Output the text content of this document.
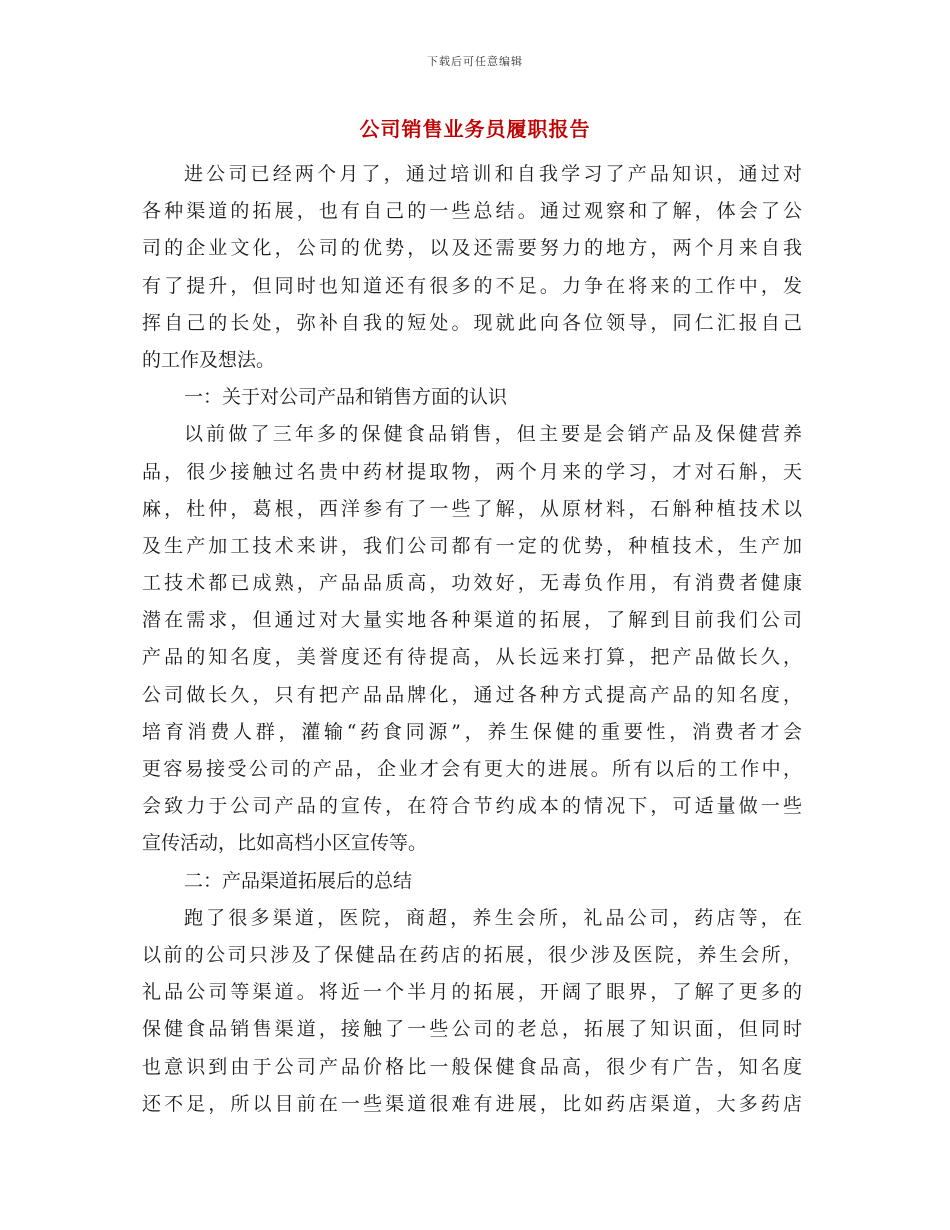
下载后可任意编辑
公司销售业务员履职报告
进公司已经两个月了，通过培训和自我学习了产品知识，通过对
各种渠道的拓展，也有自己的一些总结。通过观察和了解，体会了公
司的企业文化，公司的优势，以及还需要努力的地方，两个月来自我
有了提升，但同时也知道还有很多的不足。力争在将来的工作中，发
挥自己的长处，弥补自我的短处。现就此向各位领导，同仁汇报自己
的工作及想法。
一：关于对公司产品和销售方面的认识
以前做了三年多的保健食品销售，但主要是会销产品及保健营养
品，很少接触过名贵中药材提取物，两个月来的学习，才对石斛，天
麻，杜仲，葛根，西洋参有了一些了解，从原材料，石斛种植技术以
及生产加工技术来讲，我们公司都有一定的优势，种植技术，生产加
工技术都已成熟，产品品质高，功效好，无毒负作用，有消费者健康
潜在需求，但通过对大量实地各种渠道的拓展，了解到目前我们公司
产品的知名度，美誉度还有待提高，从长远来打算，把产品做长久，
公司做长久，只有把产品品牌化，通过各种方式提高产品的知名度，
培育消费人群，灌输“药食同源”，养生保健的重要性，消费者才会
更容易接受公司的产品，企业才会有更大的进展。所有以后的工作中，
会致力于公司产品的宣传，在符合节约成本的情况下，可适量做一些
宣传活动，比如高档小区宣传等。
二：产品渠道拓展后的总结
跑了很多渠道，医院，商超，养生会所，礼品公司，药店等，在
以前的公司只涉及了保健品在药店的拓展，很少涉及医院，养生会所，
礼品公司等渠道。将近一个半月的拓展，开阔了眼界，了解了更多的
保健食品销售渠道，接触了一些公司的老总，拓展了知识面，但同时
也意识到由于公司产品价格比一般保健食品高，很少有广告，知名度
还不足，所以目前在一些渠道很难有进展，比如药店渠道，大多药店
